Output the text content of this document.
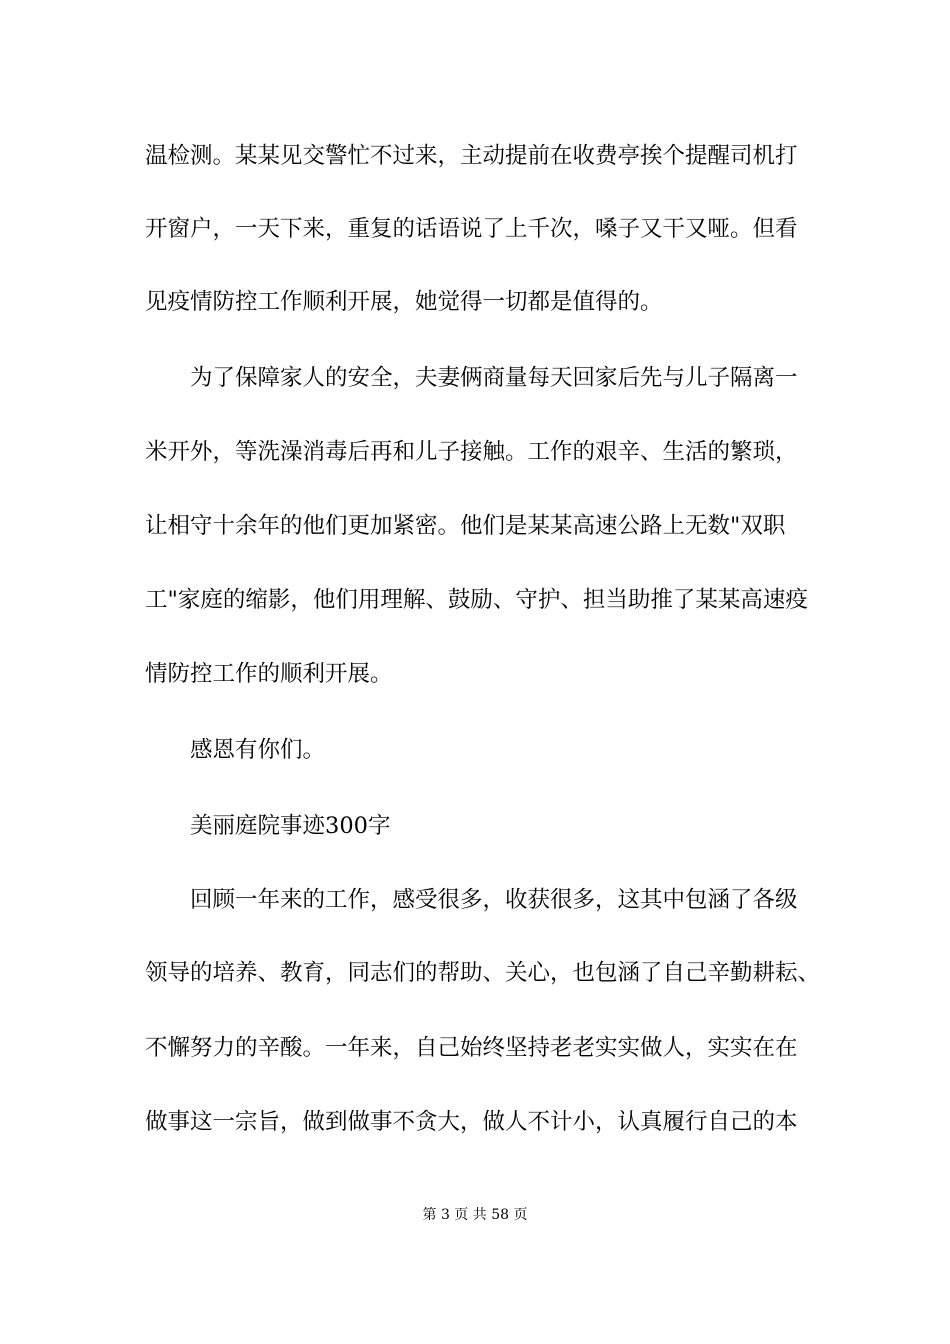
温检测。某某见交警忙不过来，主动提前在收费亭挨个提醒司机打
开窗户，一天下来，重复的话语说了上千次，嗓子又干又哑。但看
见疫情防控工作顺利开展，她觉得一切都是值得的。
为了保障家人的安全，夫妻俩商量每天回家后先与儿子隔离一
米开外，等洗澡消毒后再和儿子接触。工作的艰辛、生活的繁琐，
让相守十余年的他们更加紧密。他们是某某高速公路上无数"双职
工"家庭的缩影，他们用理解、鼓励、守护、担当助推了某某高速疫
情防控工作的顺利开展。
感恩有你们。
美丽庭院事迹300字
回顾一年来的工作，感受很多，收获很多，这其中包涵了各级
领导的培养、教育，同志们的帮助、关心，也包涵了自己辛勤耕耘、
不懈努力的辛酸。一年来，自己始终坚持老老实实做人，实实在在
做事这一宗旨，做到做事不贪大，做人不计小，认真履行自己的本
第 3 页 共 58 页
